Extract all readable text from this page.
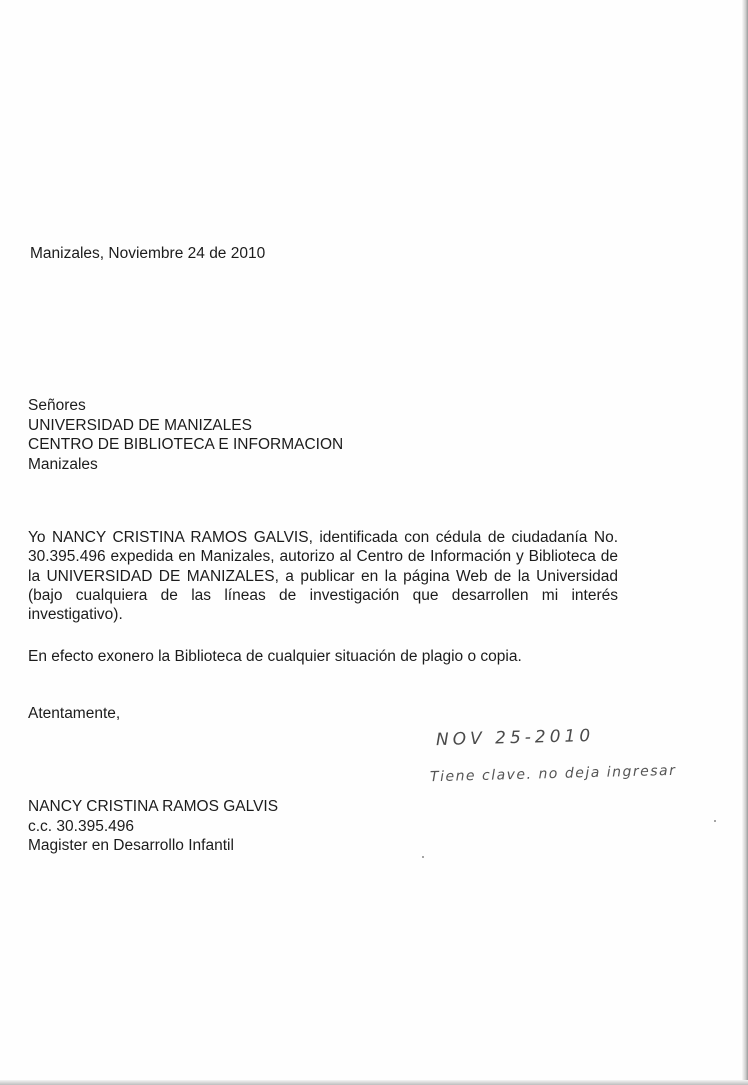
Manizales, Noviembre 24 de 2010
Señores
UNIVERSIDAD DE MANIZALES
CENTRO DE BIBLIOTECA E INFORMACION
Manizales
Yo NANCY CRISTINA RAMOS GALVIS, identificada con cédula de ciudadanía No. 30.395.496 expedida en Manizales, autorizo al Centro de Información y Biblioteca de la UNIVERSIDAD DE MANIZALES, a publicar en la página Web de la Universidad (bajo cualquiera de las líneas de investigación que desarrollen mi interés investigativo).
En efecto exonero la Biblioteca de cualquier situación de plagio o copia.
Atentamente,
NOV 25-2010
Tiene clave. no deja ingresar
NANCY CRISTINA RAMOS GALVIS
c.c. 30.395.496
Magister en Desarrollo Infantil
